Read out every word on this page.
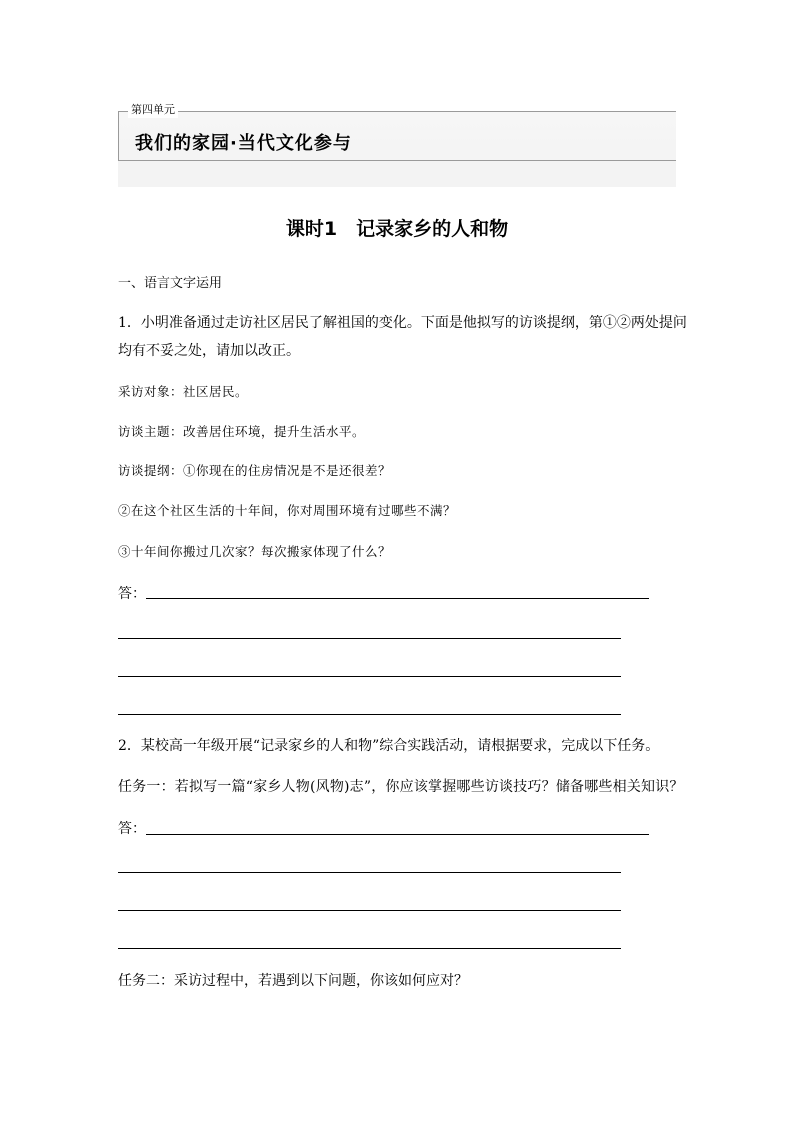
第四单元
我们的家园·当代文化参与
课时1　记录家乡的人和物
一、语言文字运用
1．小明准备通过走访社区居民了解祖国的变化。下面是他拟写的访谈提纲，第①②两处提问
均有不妥之处，请加以改正。
采访对象：社区居民。
访谈主题：改善居住环境，提升生活水平。
访谈提纲：①你现在的住房情况是不是还很差？
②在这个社区生活的十年间，你对周围环境有过哪些不满？
③十年间你搬过几次家？每次搬家体现了什么？
答：
2．某校高一年级开展“记录家乡的人和物”综合实践活动，请根据要求，完成以下任务。
任务一：若拟写一篇“家乡人物(风物)志”，你应该掌握哪些访谈技巧？储备哪些相关知识？
答：
任务二：采访过程中，若遇到以下问题，你该如何应对？
